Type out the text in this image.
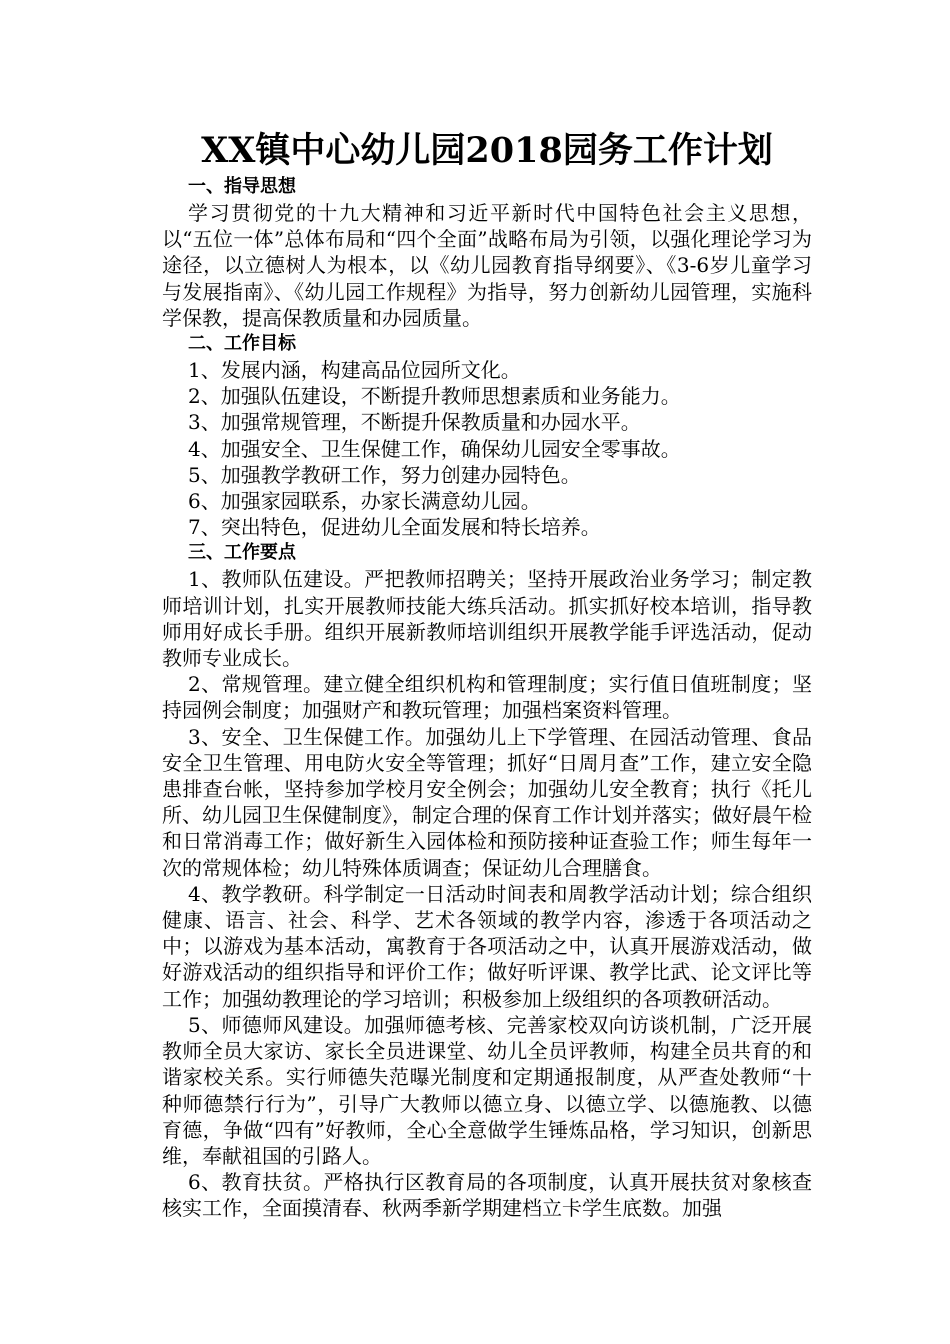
XX镇中心幼儿园2018园务工作计划
一、指导思想

学习贯彻党的十九大精神和习近平新时代中国特色社会主义思想，以“五位一体”总体布局和“四个全面”战略布局为引领，以强化理论学习为途径，以立德树人为根本，以《幼儿园教育指导纲要》、《3-6岁儿童学习与发展指南》、《幼儿园工作规程》为指导，努力创新幼儿园管理，实施科学保教，提高保教质量和办园质量。

二、工作目标
1、发展内涵，构建高品位园所文化。
2、加强队伍建设，不断提升教师思想素质和业务能力。
3、加强常规管理，不断提升保教质量和办园水平。
4、加强安全、卫生保健工作，确保幼儿园安全零事故。
5、加强教学教研工作，努力创建办园特色。
6、加强家园联系，办家长满意幼儿园。
7、突出特色，促进幼儿全面发展和特长培养。
三、工作要点

1、教师队伍建设。严把教师招聘关；坚持开展政治业务学习；制定教师培训计划，扎实开展教师技能大练兵活动。抓实抓好校本培训，指导教师用好成长手册。组织开展新教师培训组织开展教学能手评选活动，促动教师专业成长。

2、常规管理。建立健全组织机构和管理制度；实行值日值班制度；坚持园例会制度；加强财产和教玩管理；加强档案资料管理。

3、安全、卫生保健工作。加强幼儿上下学管理、在园活动管理、食品安全卫生管理、用电防火安全等管理；抓好“日周月查”工作，建立安全隐患排查台帐，坚持参加学校月安全例会；加强幼儿安全教育；执行《托儿所、幼儿园卫生保健制度》，制定合理的保育工作计划并落实；做好晨午检和日常消毒工作；做好新生入园体检和预防接种证查验工作；师生每年一次的常规体检；幼儿特殊体质调查；保证幼儿合理膳食。

4、教学教研。科学制定一日活动时间表和周教学活动计划；综合组织健康、语言、社会、科学、艺术各领域的教学内容，渗透于各项活动之中；以游戏为基本活动，寓教育于各项活动之中，认真开展游戏活动，做好游戏活动的组织指导和评价工作；做好听评课、教学比武、论文评比等工作；加强幼教理论的学习培训；积极参加上级组织的各项教研活动。

5、师德师风建设。加强师德考核、完善家校双向访谈机制，广泛开展教师全员大家访、家长全员进课堂、幼儿全员评教师，构建全员共育的和谐家校关系。实行师德失范曝光制度和定期通报制度，从严查处教师“十种师德禁行行为”，引导广大教师以德立身、以德立学、以德施教、以德育德，争做“四有”好教师，全心全意做学生锤炼品格，学习知识，创新思维，奉献祖国的引路人。

6、教育扶贫。严格执行区教育局的各项制度，认真开展扶贫对象核查核实工作，全面摸清春、秋两季新学期建档立卡学生底数。加强
